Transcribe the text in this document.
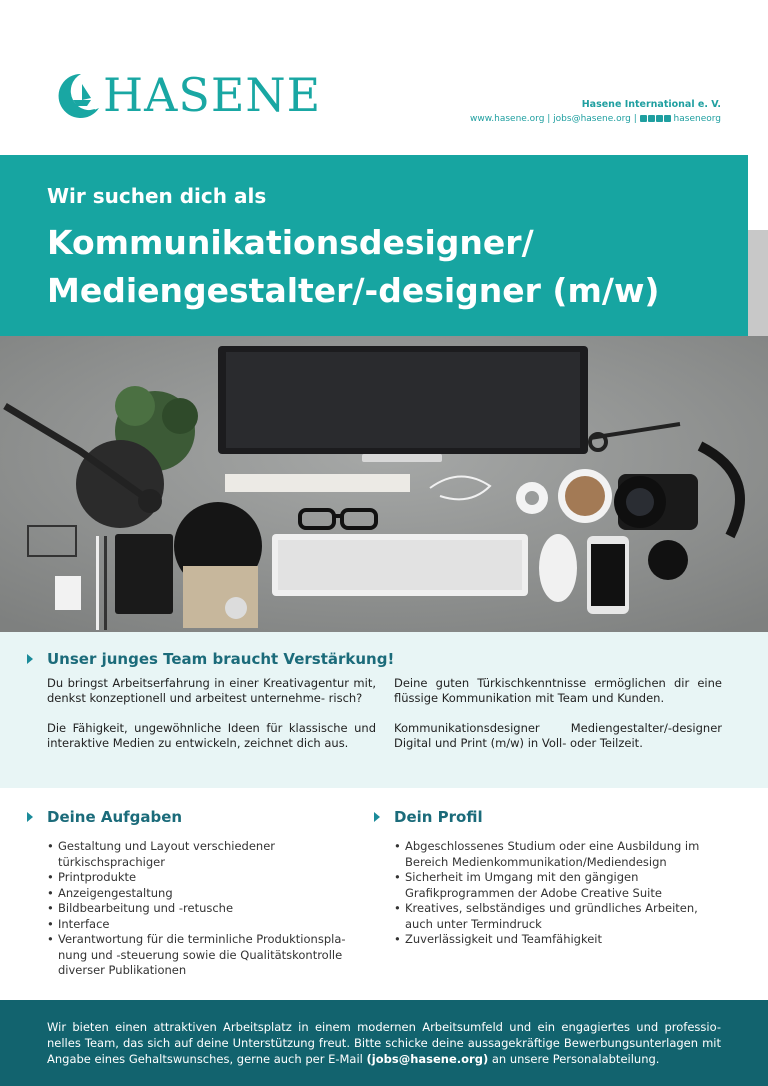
HASENE	Hasene International e. V.
www.hasene.org | jobs@hasene.org |	haseneorg
Wir suchen dich als
Kommunikationsdesigner/
Mediengestalter/-designer (m/w)
Unser junges Team braucht Verstärkung!

Du bringst Arbeitserfahrung in einer Kreativagentur mit, denkst konzeptionell und arbeitest unternehme- risch?

Die Fähigkeit, ungewöhnliche Ideen für klassische und interaktive Medien zu entwickeln, zeichnet dich aus.

Deine guten Türkischkenntnisse ermöglichen dir eine flüssige Kommunikation mit Team und Kunden.

Kommunikationsdesigner Mediengestalter/-designer Digital und Print (m/w) in Voll- oder Teilzeit.

Deine Aufgaben
• Gestaltung und Layout verschiedener türkischsprachiger
• Printprodukte
• Anzeigengestaltung
• Bildbearbeitung und -retusche
• Interface
• Verantwortung für die terminliche Produktionspla- nung und -steuerung sowie die Qualitätskontrolle diverser Publikationen
Dein Profil
• Abgeschlossenes Studium oder eine Ausbildung im Bereich Medienkommunikation/Mediendesign
• Sicherheit im Umgang mit den gängigen Grafikprogrammen der Adobe Creative Suite
• Kreatives, selbständiges und gründliches Arbeiten, auch unter Termindruck
• Zuverlässigkeit und Teamfähigkeit
Wir bieten einen attraktiven Arbeitsplatz in einem modernen Arbeitsumfeld und ein engagiertes und professio- nelles Team, das sich auf deine Unterstützung freut. Bitte schicke deine aussagekräftige Bewerbungsunterlagen mit Angabe eines Gehaltswunsches, gerne auch per E-Mail (jobs@hasene.org) an unsere Personalabteilung.
